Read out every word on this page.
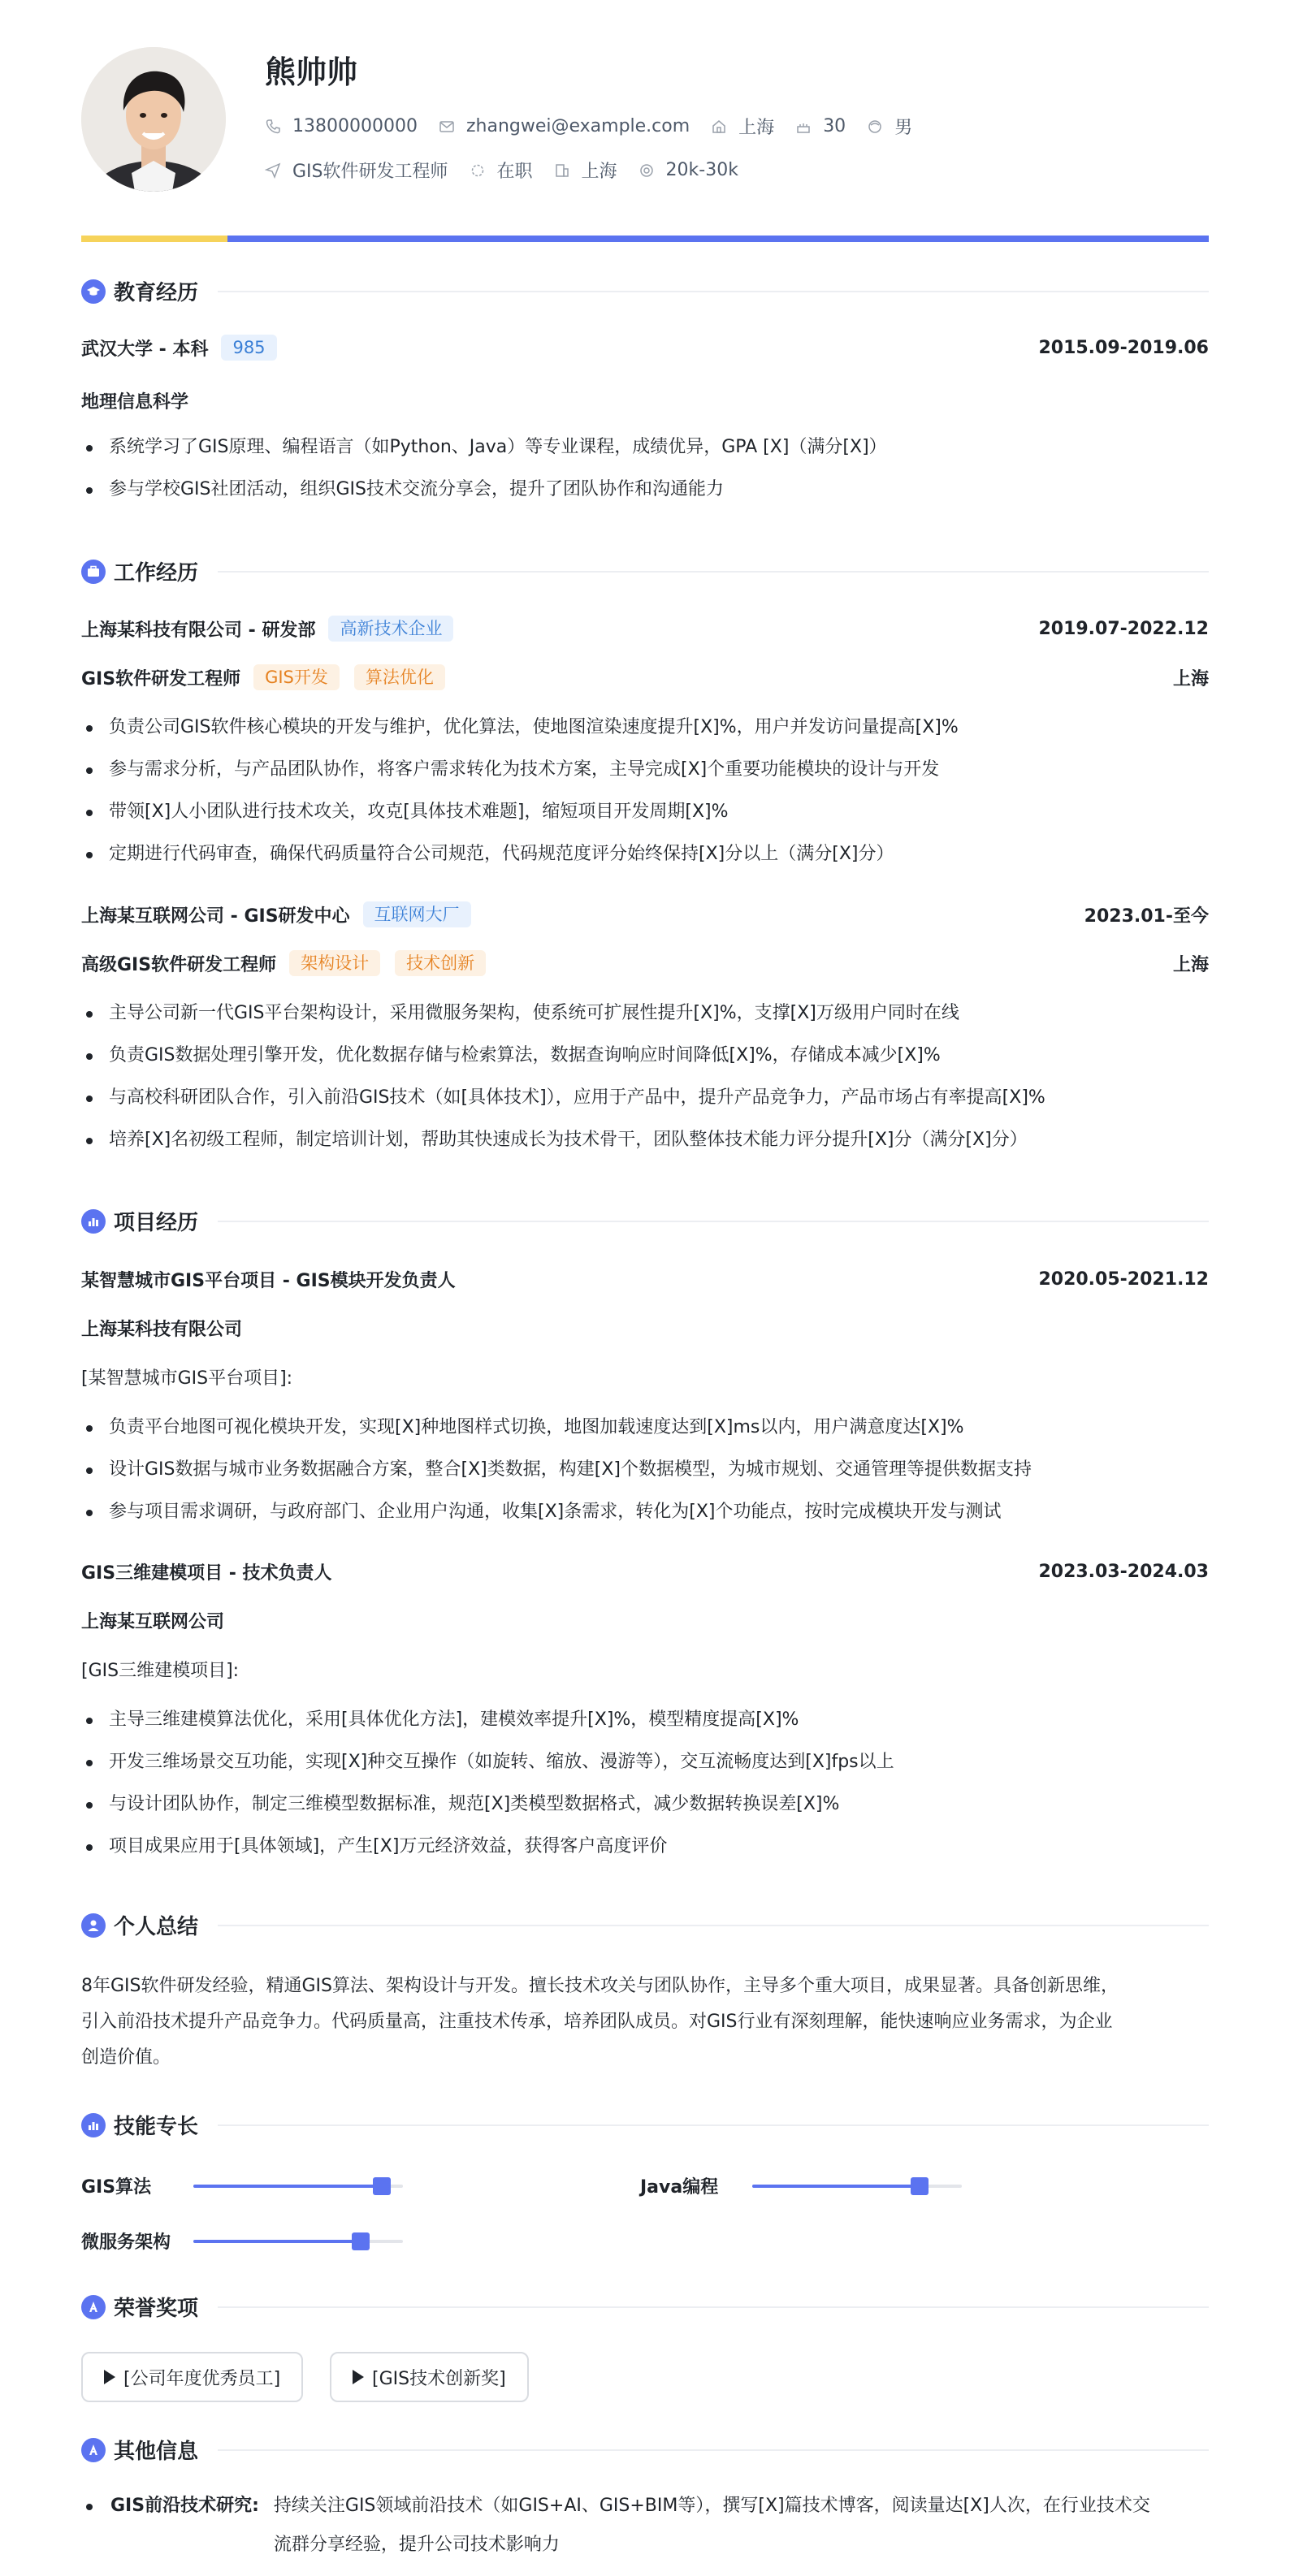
熊帅帅
13800000000	zhangwei@example.com	上海	30	男
GIS软件研发工程师	在职	上海	20k-30k
教育经历
武汉大学 - 本科	985	2015.09-2019.06
地理信息科学
系统学习了GIS原理、编程语言（如Python、Java）等专业课程，成绩优异，GPA [X]（满分[X]）
参与学校GIS社团活动，组织GIS技术交流分享会，提升了团队协作和沟通能力
工作经历
上海某科技有限公司 - 研发部	高新技术企业	2019.07-2022.12
GIS软件研发工程师	GIS开发	算法优化	上海
负责公司GIS软件核心模块的开发与维护，优化算法，使地图渲染速度提升[X]%，用户并发访问量提高[X]%
参与需求分析，与产品团队协作，将客户需求转化为技术方案，主导完成[X]个重要功能模块的设计与开发
带领[X]人小团队进行技术攻关，攻克[具体技术难题]，缩短项目开发周期[X]%
定期进行代码审查，确保代码质量符合公司规范，代码规范度评分始终保持[X]分以上（满分[X]分）
上海某互联网公司 - GIS研发中心	互联网大厂	2023.01-至今
高级GIS软件研发工程师	架构设计	技术创新	上海
主导公司新一代GIS平台架构设计，采用微服务架构，使系统可扩展性提升[X]%，支撑[X]万级用户同时在线
负责GIS数据处理引擎开发，优化数据存储与检索算法，数据查询响应时间降低[X]%，存储成本减少[X]%
与高校科研团队合作，引入前沿GIS技术（如[具体技术]），应用于产品中，提升产品竞争力，产品市场占有率提高[X]%
培养[X]名初级工程师，制定培训计划，帮助其快速成长为技术骨干，团队整体技术能力评分提升[X]分（满分[X]分）
项目经历
某智慧城市GIS平台项目 - GIS模块开发负责人	2020.05-2021.12
上海某科技有限公司
[某智慧城市GIS平台项目]:
负责平台地图可视化模块开发，实现[X]种地图样式切换，地图加载速度达到[X]ms以内，用户满意度达[X]%
设计GIS数据与城市业务数据融合方案，整合[X]类数据，构建[X]个数据模型，为城市规划、交通管理等提供数据支持
参与项目需求调研，与政府部门、企业用户沟通，收集[X]条需求，转化为[X]个功能点，按时完成模块开发与测试
GIS三维建模项目 - 技术负责人	2023.03-2024.03
上海某互联网公司
[GIS三维建模项目]:
主导三维建模算法优化，采用[具体优化方法]，建模效率提升[X]%，模型精度提高[X]%
开发三维场景交互功能，实现[X]种交互操作（如旋转、缩放、漫游等），交互流畅度达到[X]fps以上
与设计团队协作，制定三维模型数据标准，规范[X]类模型数据格式，减少数据转换误差[X]%
项目成果应用于[具体领域]，产生[X]万元经济效益，获得客户高度评价
个人总结
8年GIS软件研发经验，精通GIS算法、架构设计与开发。擅长技术攻关与团队协作，主导多个重大项目，成果显著。具备创新思维，
引入前沿技术提升产品竞争力。代码质量高，注重技术传承，培养团队成员。对GIS行业有深刻理解，能快速响应业务需求，为企业
创造价值。
技能专长
GIS算法	Java编程
微服务架构
荣誉奖项
[公司年度优秀员工]	[GIS技术创新奖]
其他信息
GIS前沿技术研究: 持续关注GIS领域前沿技术（如GIS+AI、GIS+BIM等），撰写[X]篇技术博客，阅读量达[X]人次，在行业技术交
流群分享经验，提升公司技术影响力
